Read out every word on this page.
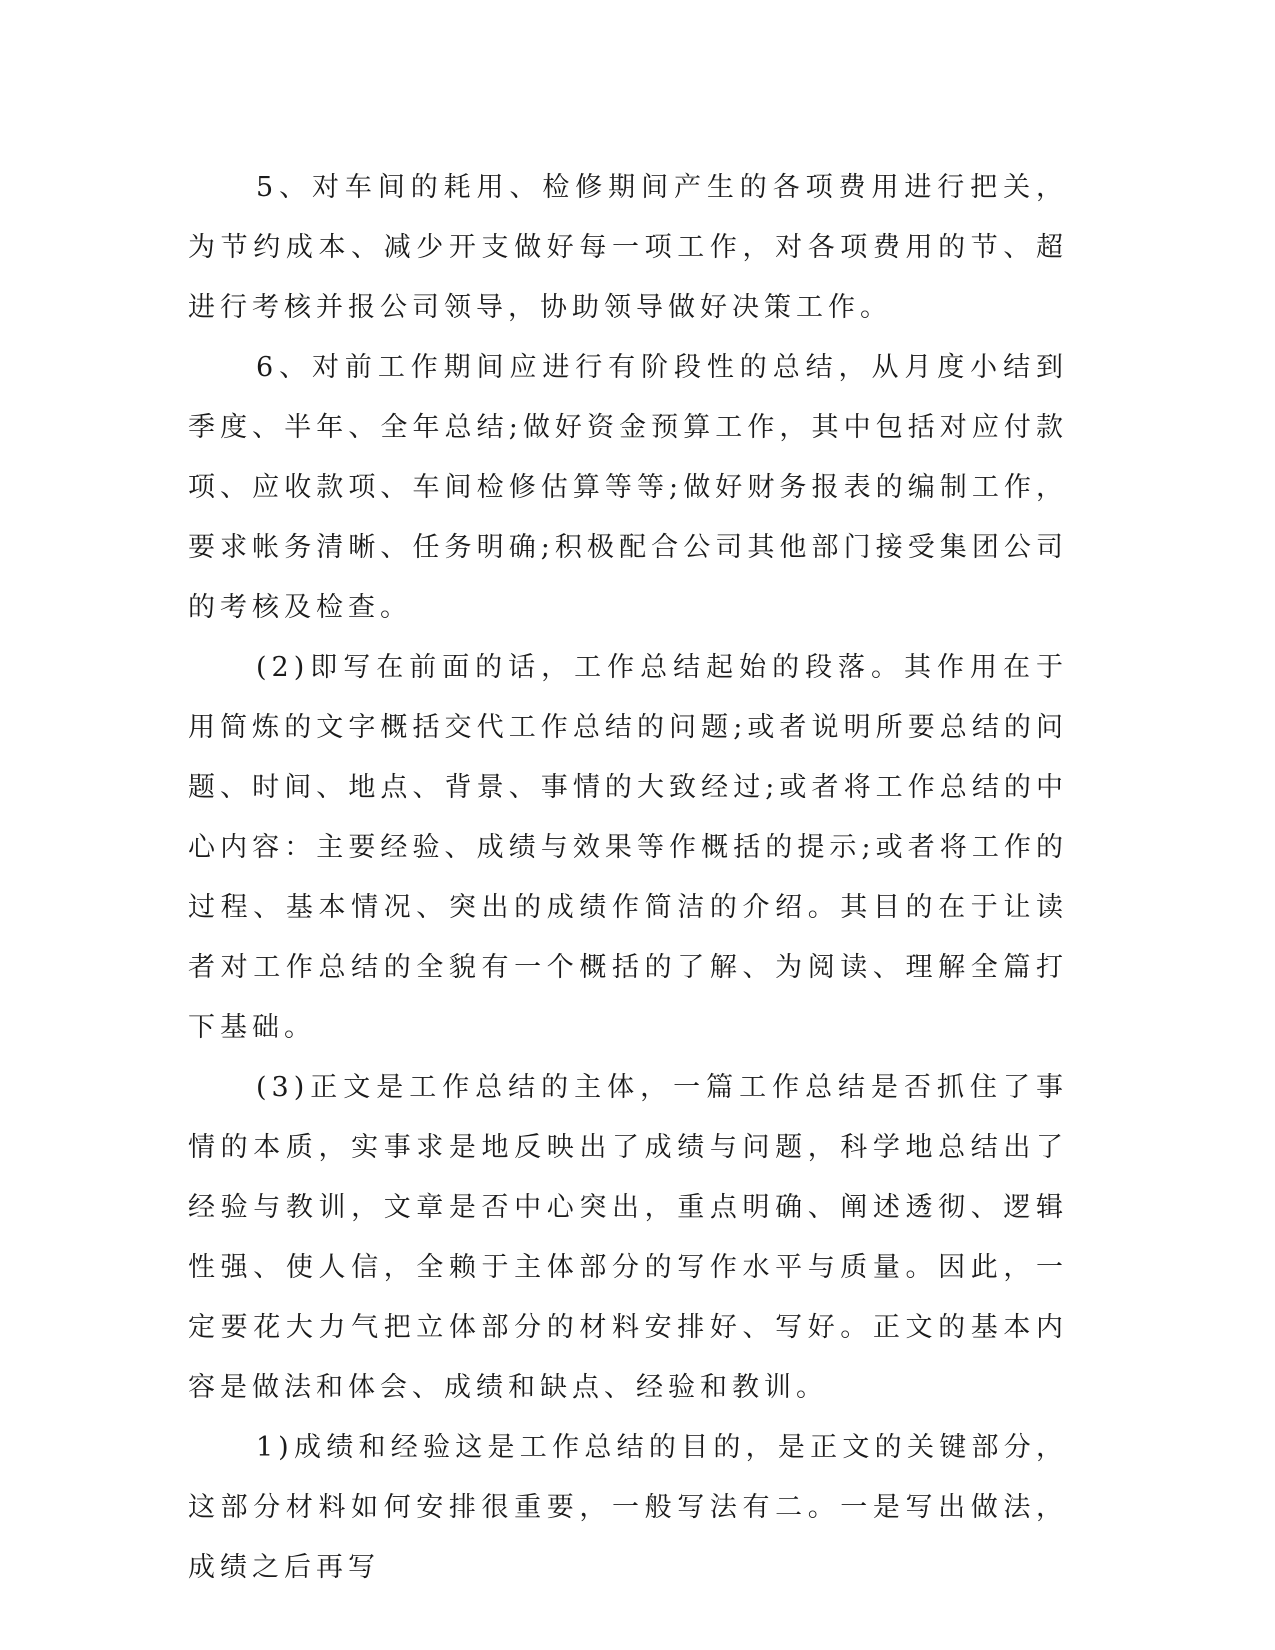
5、对车间的耗用、检修期间产生的各项费用进行把关，为节约成本、减少开支做好每一项工作，对各项费用的节、超进行考核并报公司领导，协助领导做好决策工作。

6、对前工作期间应进行有阶段性的总结，从月度小结到季度、半年、全年总结;做好资金预算工作，其中包括对应付款项、应收款项、车间检修估算等等;做好财务报表的编制工作，要求帐务清晰、任务明确;积极配合公司其他部门接受集团公司的考核及检查。

(2)即写在前面的话，工作总结起始的段落。其作用在于用简炼的文字概括交代工作总结的问题;或者说明所要总结的问题、时间、地点、背景、事情的大致经过;或者将工作总结的中心内容：主要经验、成绩与效果等作概括的提示;或者将工作的过程、基本情况、突出的成绩作简洁的介绍。其目的在于让读者对工作总结的全貌有一个概括的了解、为阅读、理解全篇打下基础。

(3)正文是工作总结的主体，一篇工作总结是否抓住了事情的本质，实事求是地反映出了成绩与问题，科学地总结出了经验与教训，文章是否中心突出，重点明确、阐述透彻、逻辑性强、使人信，全赖于主体部分的写作水平与质量。因此，一定要花大力气把立体部分的材料安排好、写好。正文的基本内容是做法和体会、成绩和缺点、经验和教训。

1)成绩和经验这是工作总结的目的，是正文的关键部分，这部分材料如何安排很重要，一般写法有二。一是写出做法，成绩之后再写
